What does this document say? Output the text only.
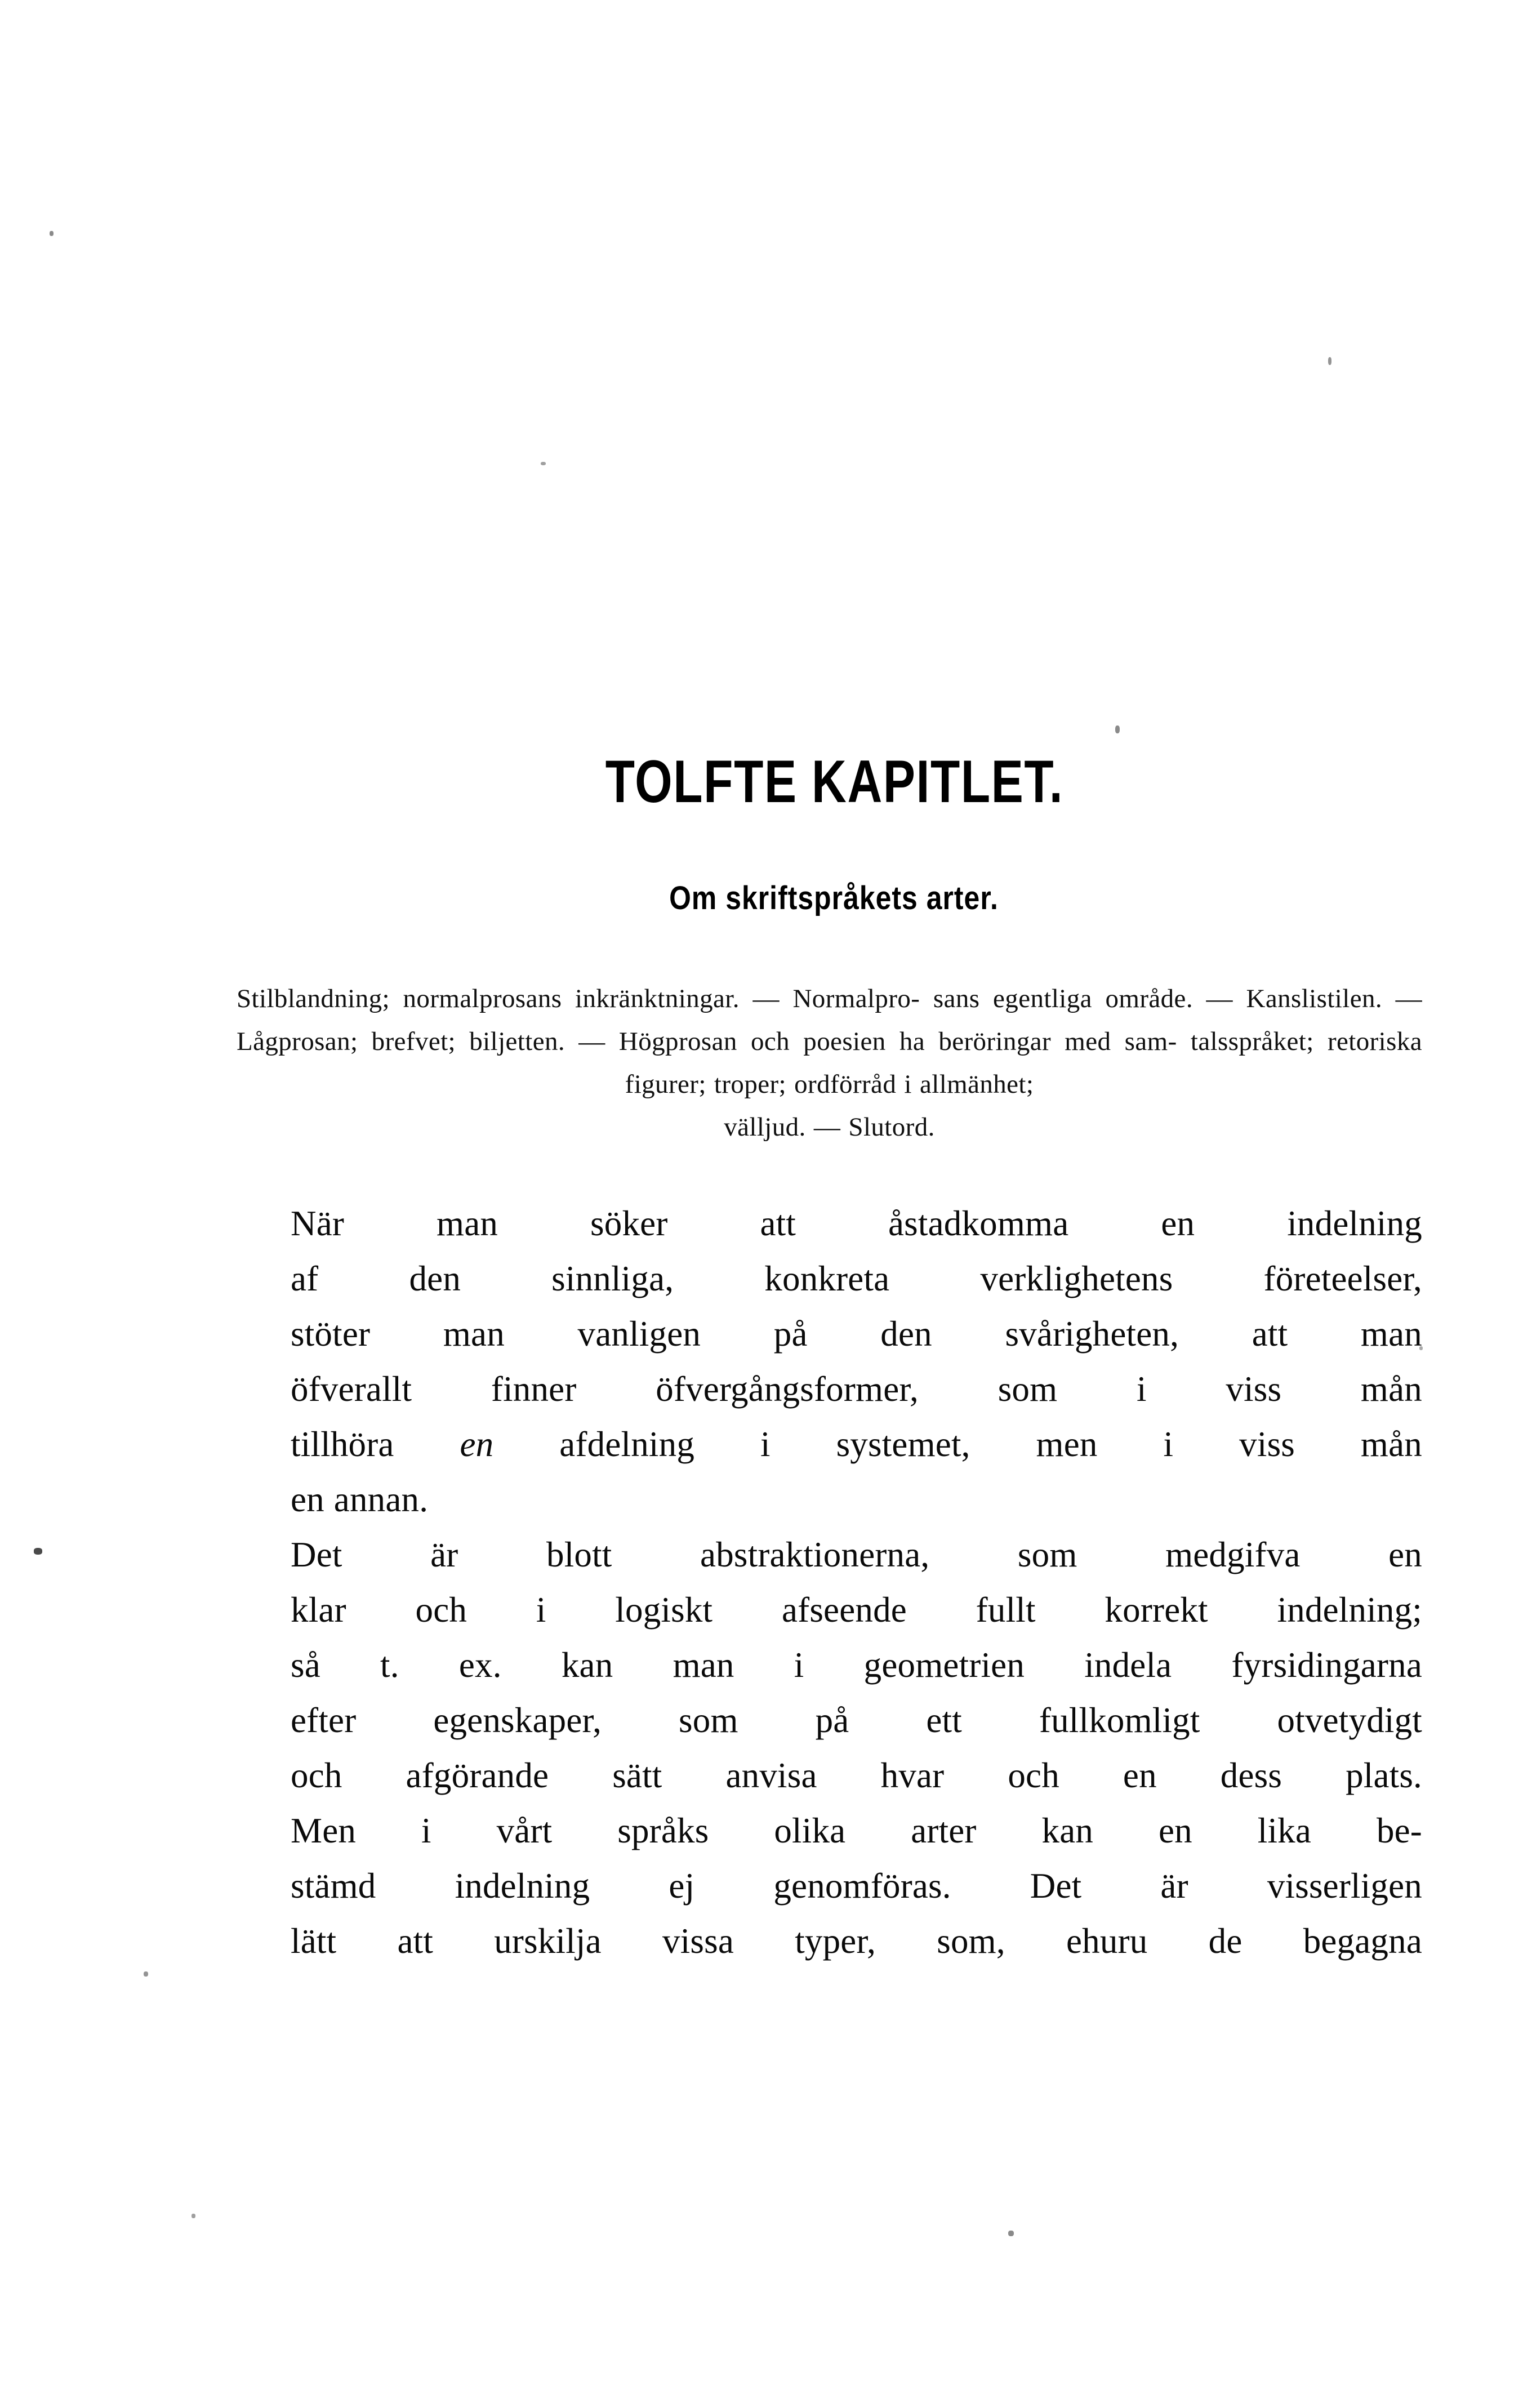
TOLFTE KAPITLET.
Om skriftspråkets arter.
Stilblandning; normalprosans inkränktningar. — Normalpro- sans egentliga område. — Kanslistilen. — Lågprosan; brefvet; biljetten. — Högprosan och poesien ha beröringar med sam- talsspråket; retoriska figurer; troper; ordförråd i allmänhet;
välljud. — Slutord.

När man söker att åstadkomma en indelning
af den sinnliga, konkreta verklighetens företeelser,
stöter man vanligen på den svårigheten, att man
öfverallt finner öfvergångsformer, som i viss mån
tillhöra en afdelning i systemet, men i viss mån
en annan.

Det är blott abstraktionerna, som medgifva en
klar och i logiskt afseende fullt korrekt indelning;
så t. ex. kan man i geometrien indela fyrsidingarna
efter egenskaper, som på ett fullkomligt otvetydigt
och afgörande sätt anvisa hvar och en dess plats.

Men i vårt språks olika arter kan en lika be-
stämd indelning ej genomföras. Det är visserligen
lätt att urskilja vissa typer, som, ehuru de begagna
